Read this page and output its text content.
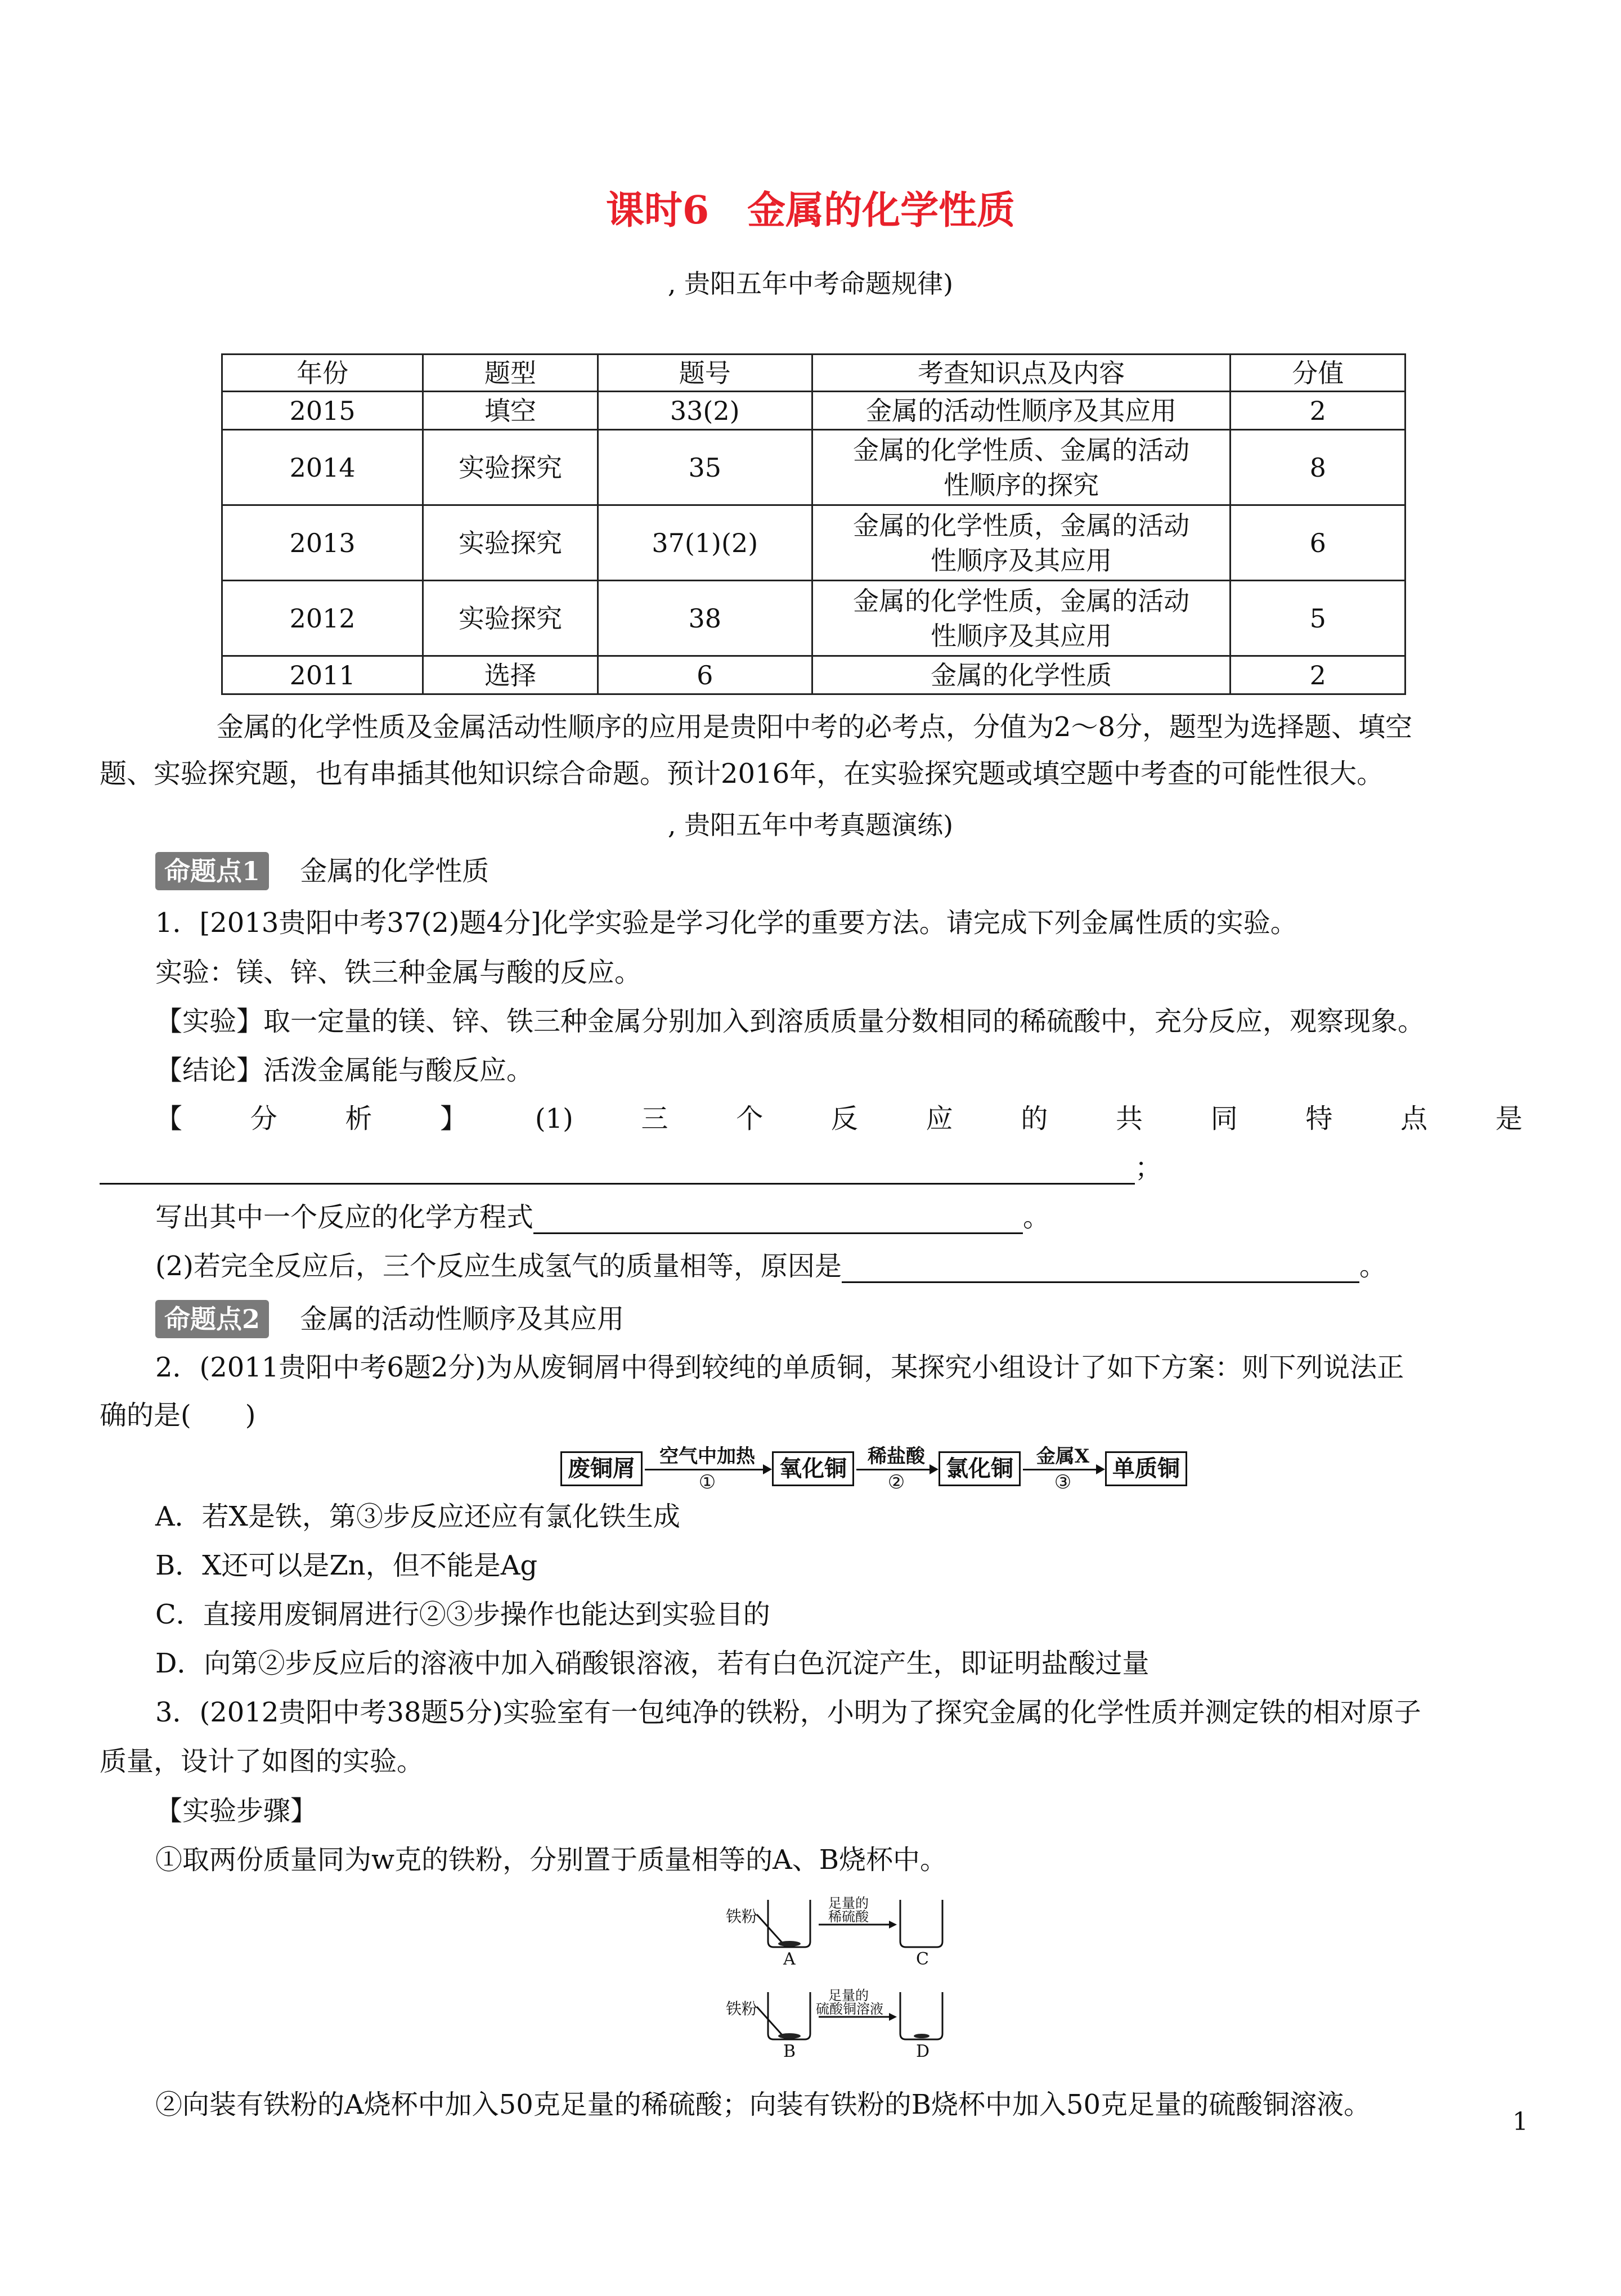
课时6　金属的化学性质
, 贵阳五年中考命题规律)
年份	题型	题号	考查知识点及内容	分值
2015	填空	33(2)	金属的活动性顺序及其应用	2
2014	实验探究	35	金属的化学性质、金属的活动
性顺序的探究	8
2013	实验探究	37(1)(2)	金属的化学性质，金属的活动
性顺序及其应用	6
2012	实验探究	38	金属的化学性质，金属的活动
性顺序及其应用	5
2011	选择	6	金属的化学性质	2
金属的化学性质及金属活动性顺序的应用是贵阳中考的必考点，分值为2～8分，题型为选择题、填空
题、实验探究题，也有串插其他知识综合命题。预计2016年，在实验探究题或填空题中考查的可能性很大。
, 贵阳五年中考真题演练)
命题点1 金属的化学性质
1．[2013贵阳中考37(2)题4分]化学实验是学习化学的重要方法。请完成下列金属性质的实验。
实验：镁、锌、铁三种金属与酸的反应。
【实验】取一定量的镁、锌、铁三种金属分别加入到溶质质量分数相同的稀硫酸中，充分反应，观察现象。
【结论】活泼金属能与酸反应。
【	分	析	】	(1)	三	个	反	应	的	共	同	特	点	是
；
写出其中一个反应的化学方程式	。
(2)若完全反应后，三个反应生成氢气的质量相等，原因是	。
命题点2 金属的活动性顺序及其应用
2．(2011贵阳中考6题2分)为从废铜屑中得到较纯的单质铜，某探究小组设计了如下方案：则下列说法正
确的是(　　)
废铜屑	空气中加热
①
氧化铜	稀盐酸
②
氯化铜	金属X
③
单质铜
A．若X是铁，第③步反应还应有氯化铁生成
B．X还可以是Zn，但不能是Ag
C．直接用废铜屑进行②③步操作也能达到实验目的
D．向第②步反应后的溶液中加入硝酸银溶液，若有白色沉淀产生，即证明盐酸过量
3．(2012贵阳中考38题5分)实验室有一包纯净的铁粉，小明为了探究金属的化学性质并测定铁的相对原子
质量，设计了如图的实验。
【实验步骤】
①取两份质量同为w克的铁粉，分别置于质量相等的A、B烧杯中。
铁粉
足量的
稀硫酸
A	C
铁粉
足量的
硫酸铜溶液
B	D
②向装有铁粉的A烧杯中加入50克足量的稀硫酸；向装有铁粉的B烧杯中加入50克足量的硫酸铜溶液。
1
